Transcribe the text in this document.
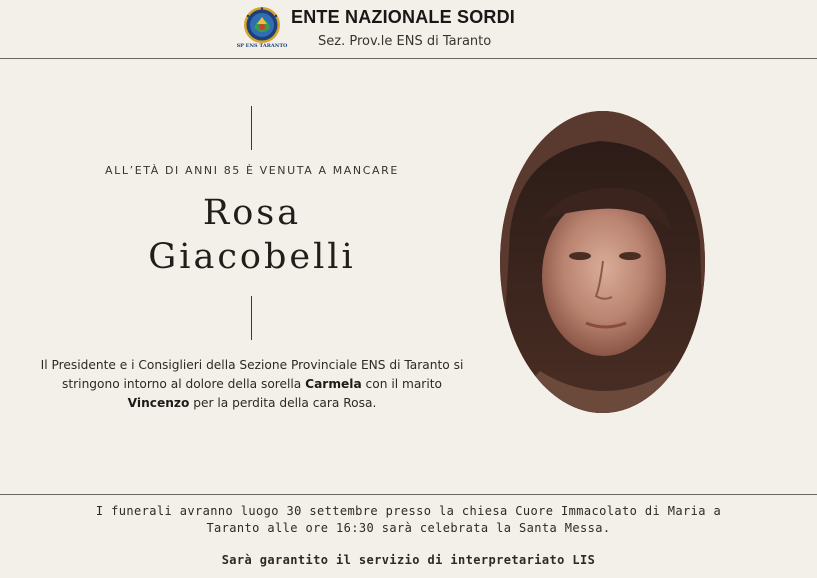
SP ENS TARANTO
ENTE NAZIONALE SORDI
Sez. Prov.le ENS di Taranto
ALL’ETÀ DI ANNI 85 È VENUTA A MANCARE
Rosa
Giacobelli
Il Presidente e i Consiglieri della Sezione Provinciale ENS di Taranto si stringono intorno al dolore della sorella Carmela con il marito Vincenzo per la perdita della cara Rosa.
I funerali avranno luogo 30 settembre presso la chiesa Cuore Immacolato di Maria a
Taranto alle ore 16:30 sarà celebrata la Santa Messa.
Sarà garantito il servizio di interpretariato LIS
